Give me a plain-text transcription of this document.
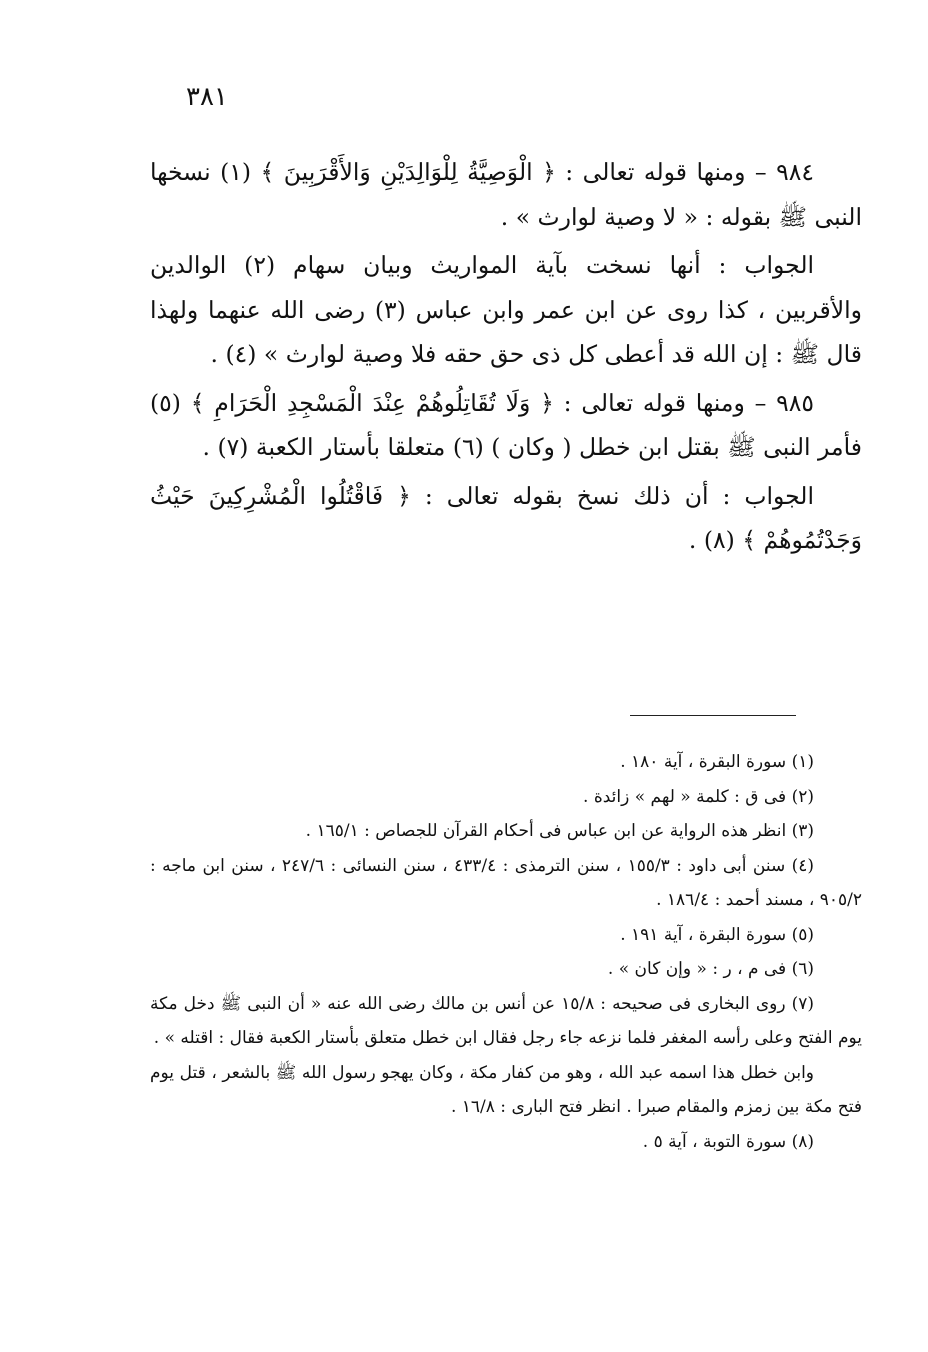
٣٨١

٩٨٤ – ومنها قوله تعالى : ﴿ الْوَصِيَّةُ لِلْوَالِدَيْنِ وَالأَقْرَبِينَ ﴾ (١) نسخها النبى ﷺ بقوله : « لا وصية لوارث » .

الجواب : أنها نسخت بآية المواريث وبيان سهام (٢) الوالدين والأقربين ، كذا روى عن ابن عمر وابن عباس (٣) رضى الله عنهما ولهذا قال ﷺ : إن الله قد أعطى كل ذى حق حقه فلا وصية لوارث » (٤) .

٩٨٥ – ومنها قوله تعالى : ﴿ وَلَا تُقَاتِلُوهُمْ عِنْدَ الْمَسْجِدِ الْحَرَامِ ﴾ (٥) فأمر النبى ﷺ بقتل ابن خطل ( وكان ) (٦) متعلقا بأستار الكعبة (٧) .

الجواب : أن ذلك نسخ بقوله تعالى : ﴿ فَاقْتُلُوا الْمُشْرِكِينَ حَيْثُ وَجَدْتُمُوهُمْ ﴾ (٨) .

(١) سورة البقرة ، آية ١٨٠ .

(٢) فى ق : كلمة « لهم » زائدة .

(٣) انظر هذه الرواية عن ابن عباس فى أحكام القرآن للجصاص : ١٦٥/١ .

(٤) سنن أبى داود : ١٥٥/٣ ، سنن الترمذى : ٤٣٣/٤ ، سنن النسائى : ٢٤٧/٦ ، سنن ابن ماجه : ٩٠٥/٢ ، مسند أحمد : ١٨٦/٤ .

(٥) سورة البقرة ، آية ١٩١ .

(٦) فى م ، ر : « وإن كان » .

(٧) روى البخارى فى صحيحه : ١٥/٨ عن أنس بن مالك رضى الله عنه « أن النبى ﷺ دخل مكة يوم الفتح وعلى رأسه المغفر فلما نزعه جاء رجل فقال ابن خطل متعلق بأستار الكعبة فقال : اقتله » .

وابن خطل هذا اسمه عبد الله ، وهو من كفار مكة ، وكان يهجو رسول الله ﷺ بالشعر ، قتل يوم فتح مكة بين زمزم والمقام صبرا . انظر فتح البارى : ١٦/٨ .

(٨) سورة التوبة ، آية ٥ .
